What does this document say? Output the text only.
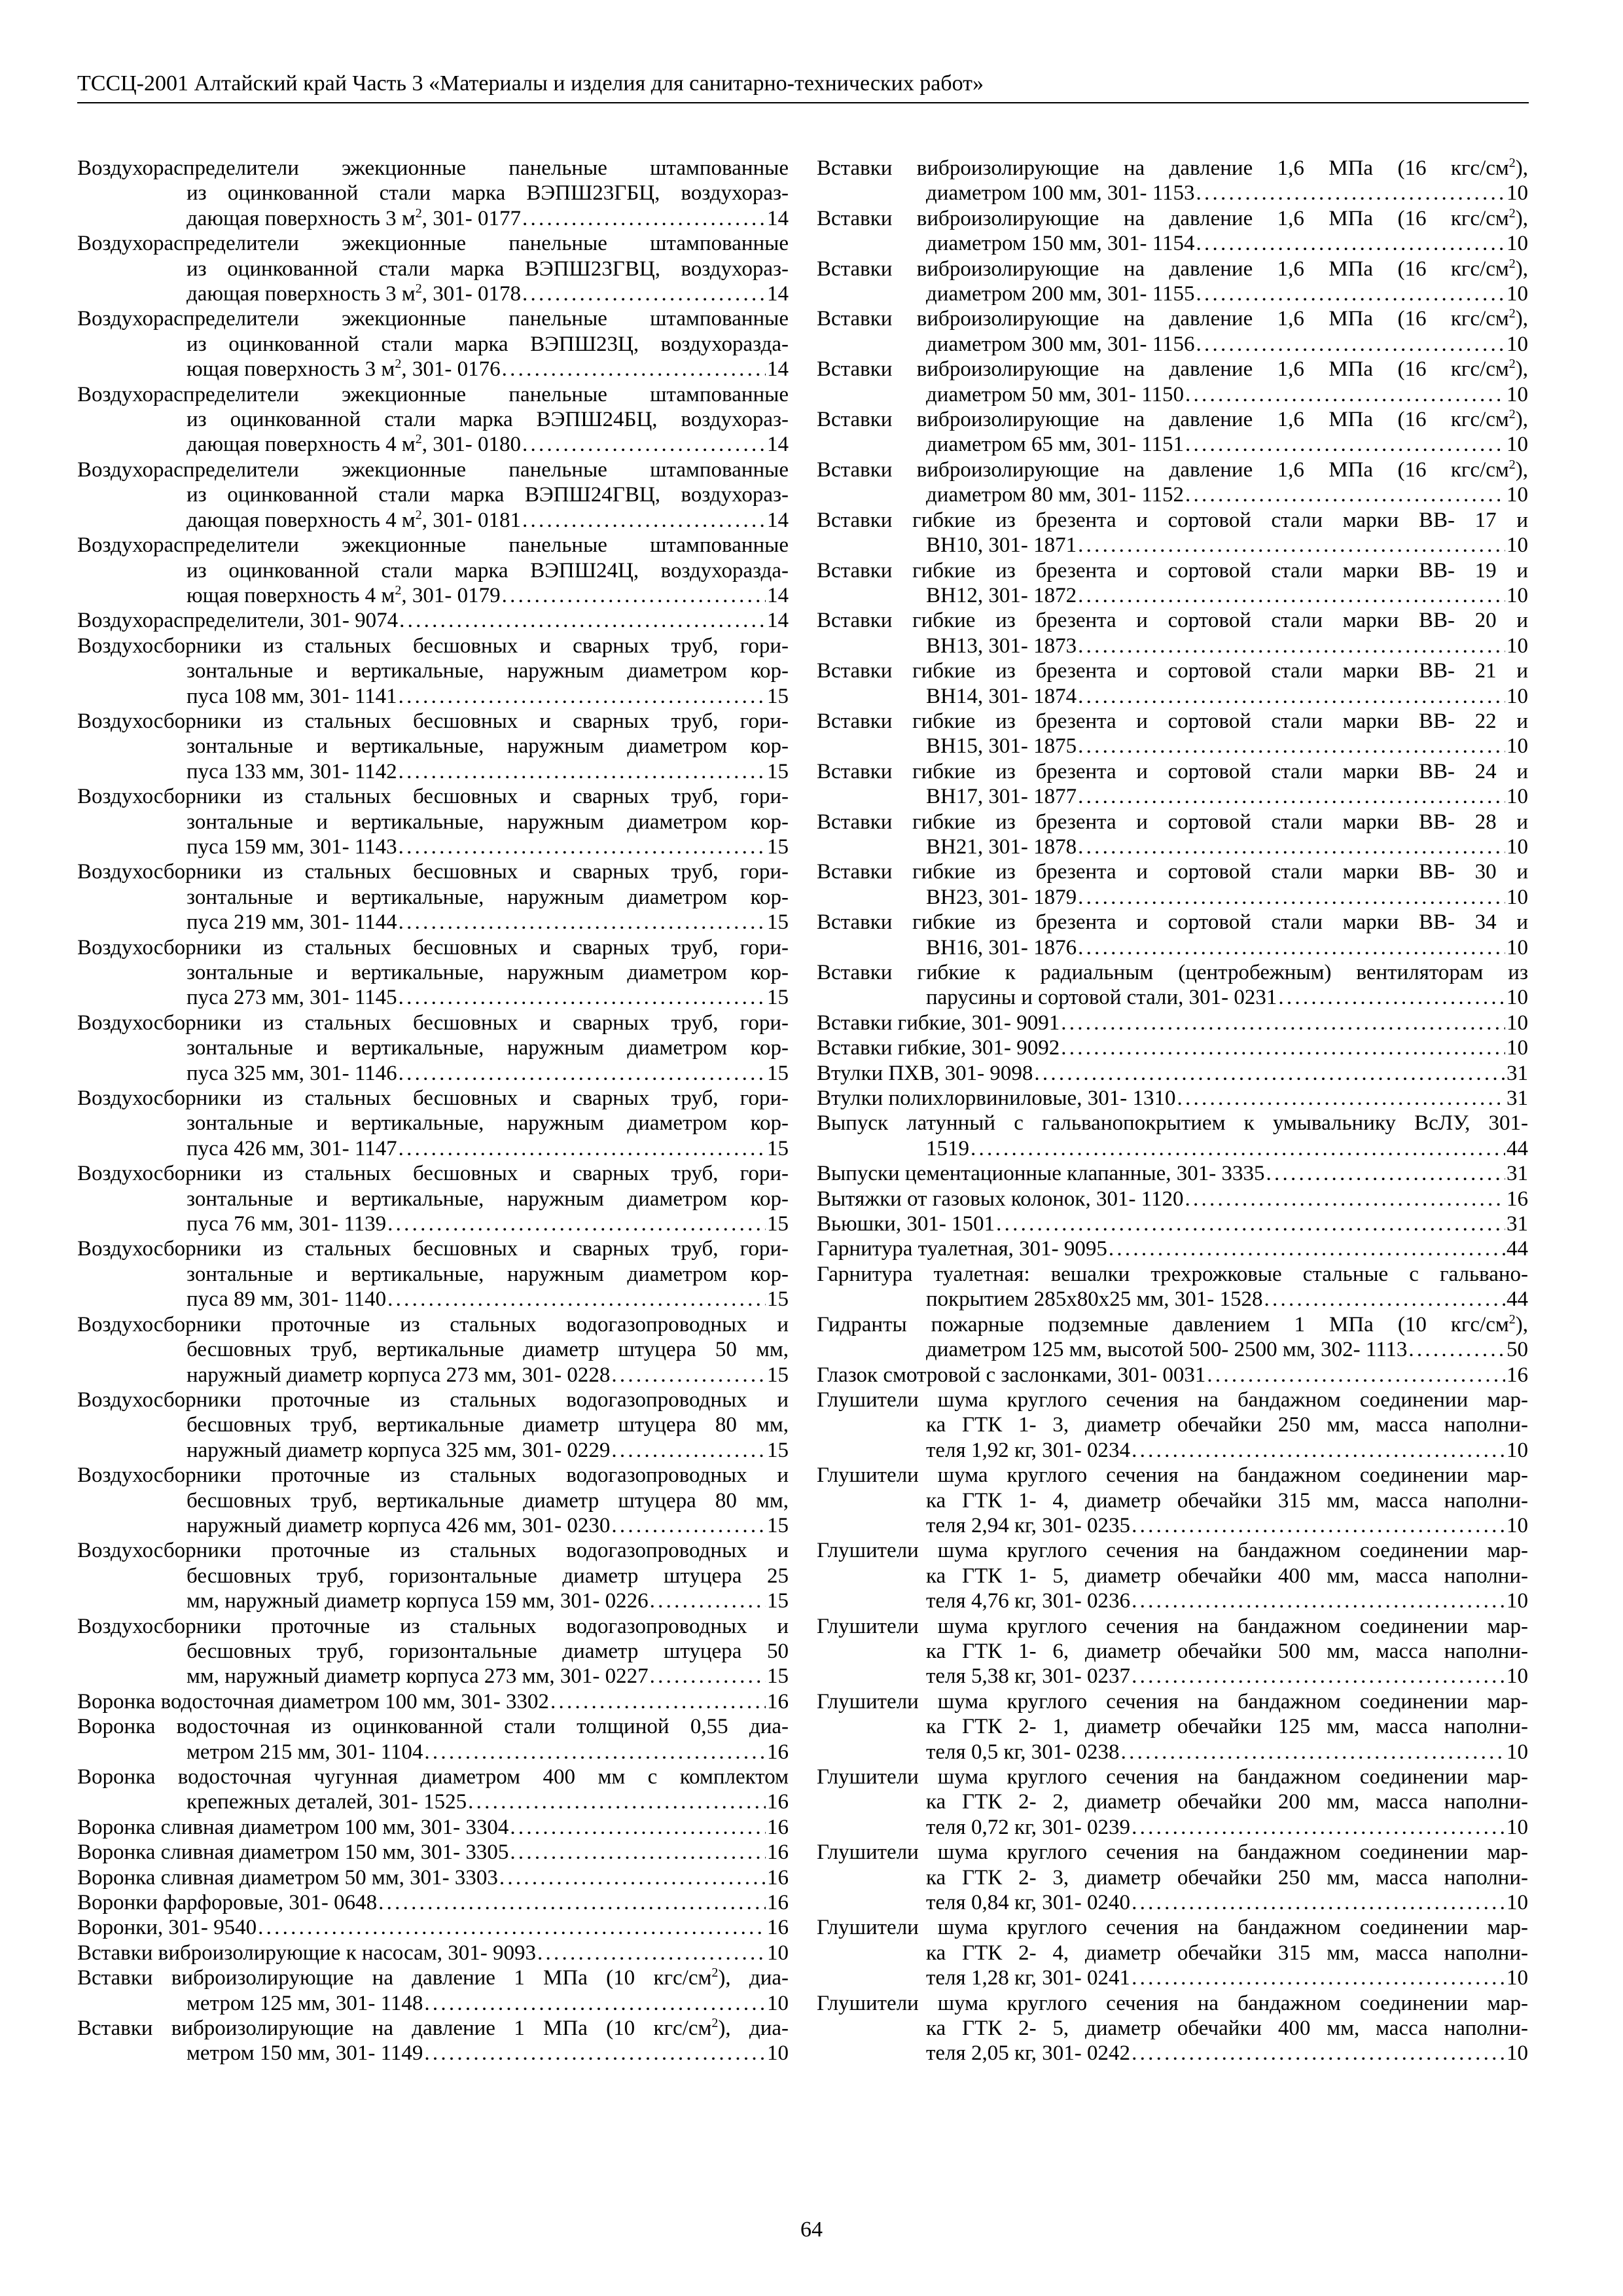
ТССЦ-2001 Алтайский край Часть 3 «Материалы и изделия для санитарно-технических работ»
Воздухораспределители эжекционные панельные штампованные
из оцинкованной стали марка ВЭПШ23ГБЦ, воздухораз-
дающая поверхность 3 $м^2$, 301- 0177 . . .	14
Воздухораспределители эжекционные панельные штампованные
из оцинкованной стали марка ВЭПШ23ГВЦ, воздухораз-
дающая поверхность 3 $м^2$, 301- 0178 . . .	14
Воздухораспределители эжекционные панельные штампованные
из оцинкованной стали марка ВЭПШ23Ц, воздухоразда-
ющая поверхность 3 $м^2$, 301- 0176 . . .	14
Воздухораспределители эжекционные панельные штампованные
из оцинкованной стали марка ВЭПШ24БЦ, воздухораз-
дающая поверхность 4 $м^2$, 301- 0180 . . .	14
Воздухораспределители эжекционные панельные штампованные
из оцинкованной стали марка ВЭПШ24ГВЦ, воздухораз-
дающая поверхность 4 $м^2$, 301- 0181 . . .	14
Воздухораспределители эжекционные панельные штампованные
из оцинкованной стали марка ВЭПШ24Ц, воздухоразда-
ющая поверхность 4 $м^2$, 301- 0179 . . .	14
Воздухораспределители, 301- 9074 . . .	14
Воздухосборники из стальных бесшовных и сварных труб, гори-
зонтальные и вертикальные, наружным диаметром кор-
пуса 108 мм, 301- 1141 . . .	15
Воздухосборники из стальных бесшовных и сварных труб, гори-
зонтальные и вертикальные, наружным диаметром кор-
пуса 133 мм, 301- 1142 . . .	15
Воздухосборники из стальных бесшовных и сварных труб, гори-
зонтальные и вертикальные, наружным диаметром кор-
пуса 159 мм, 301- 1143 . . .	15
Воздухосборники из стальных бесшовных и сварных труб, гори-
зонтальные и вертикальные, наружным диаметром кор-
пуса 219 мм, 301- 1144 . . .	15
Воздухосборники из стальных бесшовных и сварных труб, гори-
зонтальные и вертикальные, наружным диаметром кор-
пуса 273 мм, 301- 1145 . . .	15
Воздухосборники из стальных бесшовных и сварных труб, гори-
зонтальные и вертикальные, наружным диаметром кор-
пуса 325 мм, 301- 1146 . . .	15
Воздухосборники из стальных бесшовных и сварных труб, гори-
зонтальные и вертикальные, наружным диаметром кор-
пуса 426 мм, 301- 1147 . . .	15
Воздухосборники из стальных бесшовных и сварных труб, гори-
зонтальные и вертикальные, наружным диаметром кор-
пуса 76 мм, 301- 1139 . . .	15
Воздухосборники из стальных бесшовных и сварных труб, гори-
зонтальные и вертикальные, наружным диаметром кор-
пуса 89 мм, 301- 1140 . . .	15
Воздухосборники проточные из стальных водогазопроводных и
бесшовных труб, вертикальные диаметр штуцера 50 мм,
наружный диаметр корпуса 273 мм, 301- 0228 . . .	15
Воздухосборники проточные из стальных водогазопроводных и
бесшовных труб, вертикальные диаметр штуцера 80 мм,
наружный диаметр корпуса 325 мм, 301- 0229 . . .	15
Воздухосборники проточные из стальных водогазопроводных и
бесшовных труб, вертикальные диаметр штуцера 80 мм,
наружный диаметр корпуса 426 мм, 301- 0230 . . .	15
Воздухосборники проточные из стальных водогазопроводных и
бесшовных труб, горизонтальные диаметр штуцера 25
мм, наружный диаметр корпуса 159 мм, 301- 0226 . . .	15
Воздухосборники проточные из стальных водогазопроводных и
бесшовных труб, горизонтальные диаметр штуцера 50
мм, наружный диаметр корпуса 273 мм, 301- 0227 . . .	15
Воронка водосточная диаметром 100 мм, 301- 3302 . . .	16
Воронка водосточная из оцинкованной стали толщиной 0,55 диа-
метром 215 мм, 301- 1104 . . .	16
Воронка водосточная чугунная диаметром 400 мм с комплектом
крепежных деталей, 301- 1525 . . .	16
Воронка сливная диаметром 100 мм, 301- 3304 . . .	16
Воронка сливная диаметром 150 мм, 301- 3305 . . .	16
Воронка сливная диаметром 50 мм, 301- 3303 . . .	16
Воронки фарфоровые, 301- 0648 . . .	16
Воронки, 301- 9540 . . .	16
Вставки виброизолирующие к насосам, 301- 9093 . . .	10
Вставки виброизолирующие на давление 1 МПа (10 кгс/$см^2$), диа-
метром 125 мм, 301- 1148 . . .	10
Вставки виброизолирующие на давление 1 МПа (10 кгс/$см^2$), диа-
метром 150 мм, 301- 1149 . . .	10
Вставки виброизолирующие на давление 1,6 МПа (16 кгс/$см^2$),
диаметром 100 мм, 301- 1153 . . .	10
Вставки виброизолирующие на давление 1,6 МПа (16 кгс/$см^2$),
диаметром 150 мм, 301- 1154 . . .	10
Вставки виброизолирующие на давление 1,6 МПа (16 кгс/$см^2$),
диаметром 200 мм, 301- 1155 . . .	10
Вставки виброизолирующие на давление 1,6 МПа (16 кгс/$см^2$),
диаметром 300 мм, 301- 1156 . . .	10
Вставки виброизолирующие на давление 1,6 МПа (16 кгс/$см^2$),
диаметром 50 мм, 301- 1150 . . .	10
Вставки виброизолирующие на давление 1,6 МПа (16 кгс/$см^2$),
диаметром 65 мм, 301- 1151 . . .	10
Вставки виброизолирующие на давление 1,6 МПа (16 кгс/$см^2$),
диаметром 80 мм, 301- 1152 . . .	10
Вставки гибкие из брезента и сортовой стали марки ВВ- 17 и
ВН10, 301- 1871 . . .	10
Вставки гибкие из брезента и сортовой стали марки ВВ- 19 и
ВН12, 301- 1872 . . .	10
Вставки гибкие из брезента и сортовой стали марки ВВ- 20 и
ВН13, 301- 1873 . . .	10
Вставки гибкие из брезента и сортовой стали марки ВВ- 21 и
ВН14, 301- 1874 . . .	10
Вставки гибкие из брезента и сортовой стали марки ВВ- 22 и
ВН15, 301- 1875 . . .	10
Вставки гибкие из брезента и сортовой стали марки ВВ- 24 и
ВН17, 301- 1877 . . .	10
Вставки гибкие из брезента и сортовой стали марки ВВ- 28 и
ВН21, 301- 1878 . . .	10
Вставки гибкие из брезента и сортовой стали марки ВВ- 30 и
ВН23, 301- 1879 . . .	10
Вставки гибкие из брезента и сортовой стали марки ВВ- 34 и
ВН16, 301- 1876 . . .	10
Вставки гибкие к радиальным (центробежным) вентиляторам из
парусины и сортовой стали, 301- 0231 . . .	10
Вставки гибкие, 301- 9091 . . .	10
Вставки гибкие, 301- 9092 . . .	10
Втулки ПХВ, 301- 9098 . . .	31
Втулки полихлорвиниловые, 301- 1310 . . .	31
Выпуск латунный с гальванопокрытием к умывальнику ВсЛУ, 301-
1519 . . .	44
Выпуски цементационные клапанные, 301- 3335 . . .	31
Вытяжки от газовых колонок, 301- 1120 . . .	16
Вьюшки, 301- 1501 . . .	31
Гарнитура туалетная, 301- 9095 . . .	44
Гарнитура туалетная: вешалки трехрожковые стальные с гальвано-
покрытием 285х80х25 мм, 301- 1528 . . .	44
Гидранты пожарные подземные давлением 1 МПа (10 кгс/$см^2$),
диаметром 125 мм, высотой 500- 2500 мм, 302- 1113 . . .	50
Глазок смотровой с заслонками, 301- 0031 . . .	16
Глушители шума круглого сечения на бандажном соединении мар-
ка ГТК 1- 3, диаметр обечайки 250 мм, масса наполни-
теля 1,92 кг, 301- 0234 . . .	10
Глушители шума круглого сечения на бандажном соединении мар-
ка ГТК 1- 4, диаметр обечайки 315 мм, масса наполни-
теля 2,94 кг, 301- 0235 . . .	10
Глушители шума круглого сечения на бандажном соединении мар-
ка ГТК 1- 5, диаметр обечайки 400 мм, масса наполни-
теля 4,76 кг, 301- 0236 . . .	10
Глушители шума круглого сечения на бандажном соединении мар-
ка ГТК 1- 6, диаметр обечайки 500 мм, масса наполни-
теля 5,38 кг, 301- 0237 . . .	10
Глушители шума круглого сечения на бандажном соединении мар-
ка ГТК 2- 1, диаметр обечайки 125 мм, масса наполни-
теля 0,5 кг, 301- 0238 . . .	10
Глушители шума круглого сечения на бандажном соединении мар-
ка ГТК 2- 2, диаметр обечайки 200 мм, масса наполни-
теля 0,72 кг, 301- 0239 . . .	10
Глушители шума круглого сечения на бандажном соединении мар-
ка ГТК 2- 3, диаметр обечайки 250 мм, масса наполни-
теля 0,84 кг, 301- 0240 . . .	10
Глушители шума круглого сечения на бандажном соединении мар-
ка ГТК 2- 4, диаметр обечайки 315 мм, масса наполни-
теля 1,28 кг, 301- 0241 . . .	10
Глушители шума круглого сечения на бандажном соединении мар-
ка ГТК 2- 5, диаметр обечайки 400 мм, масса наполни-
теля 2,05 кг, 301- 0242 . . .	10
64
